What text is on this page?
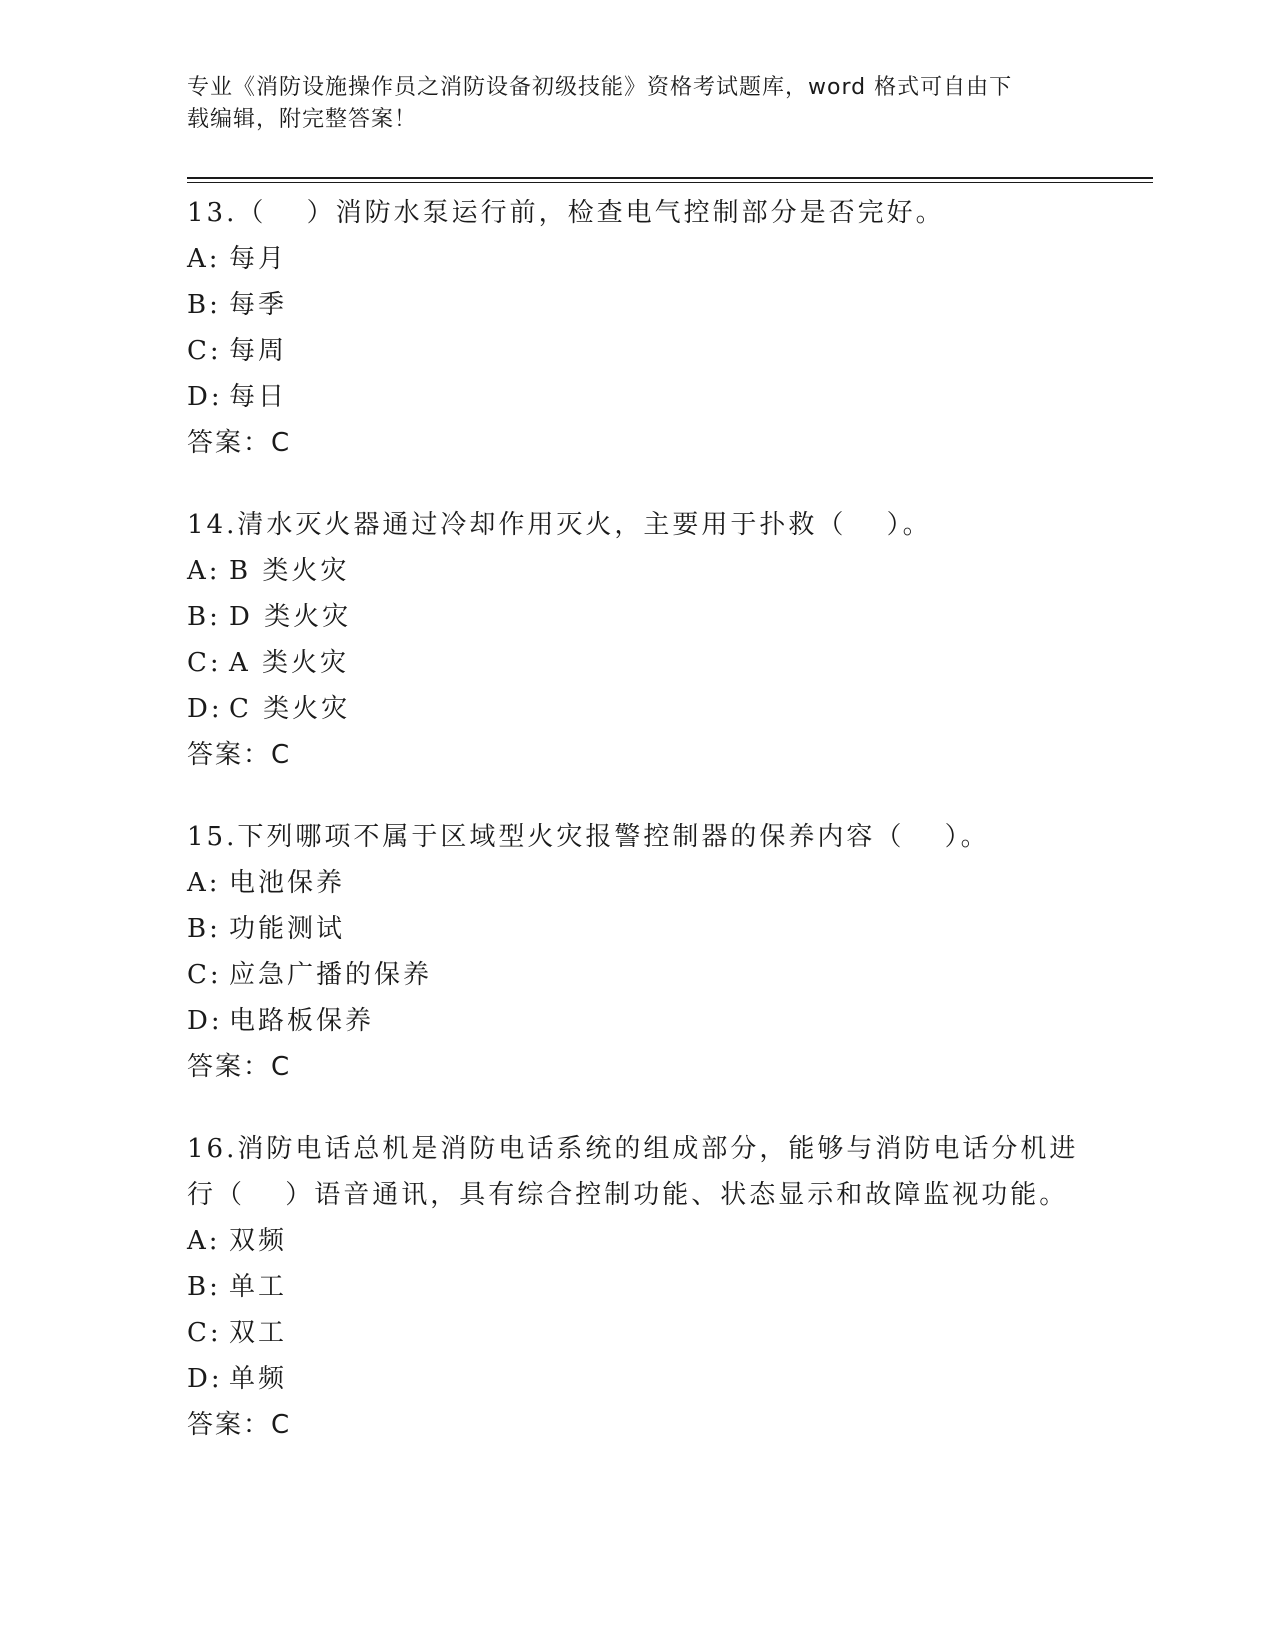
专业《消防设施操作员之消防设备初级技能》资格考试题库，word 格式可自由下
载编辑，附完整答案！

13.（　 ）消防水泵运行前，检查电气控制部分是否完好。

A: 每月

B: 每季

C: 每周

D: 每日

答案：C

14.清水灭火器通过冷却作用灭火，主要用于扑救（　 ）。

A: B 类火灾

B: D 类火灾

C: A 类火灾

D: C 类火灾

答案：C

15.下列哪项不属于区域型火灾报警控制器的保养内容（　 ）。

A: 电池保养

B: 功能测试

C: 应急广播的保养

D: 电路板保养

答案：C

16.消防电话总机是消防电话系统的组成部分，能够与消防电话分机进

行（　 ）语音通讯，具有综合控制功能、状态显示和故障监视功能。

A: 双频

B: 单工

C: 双工

D: 单频

答案：C
